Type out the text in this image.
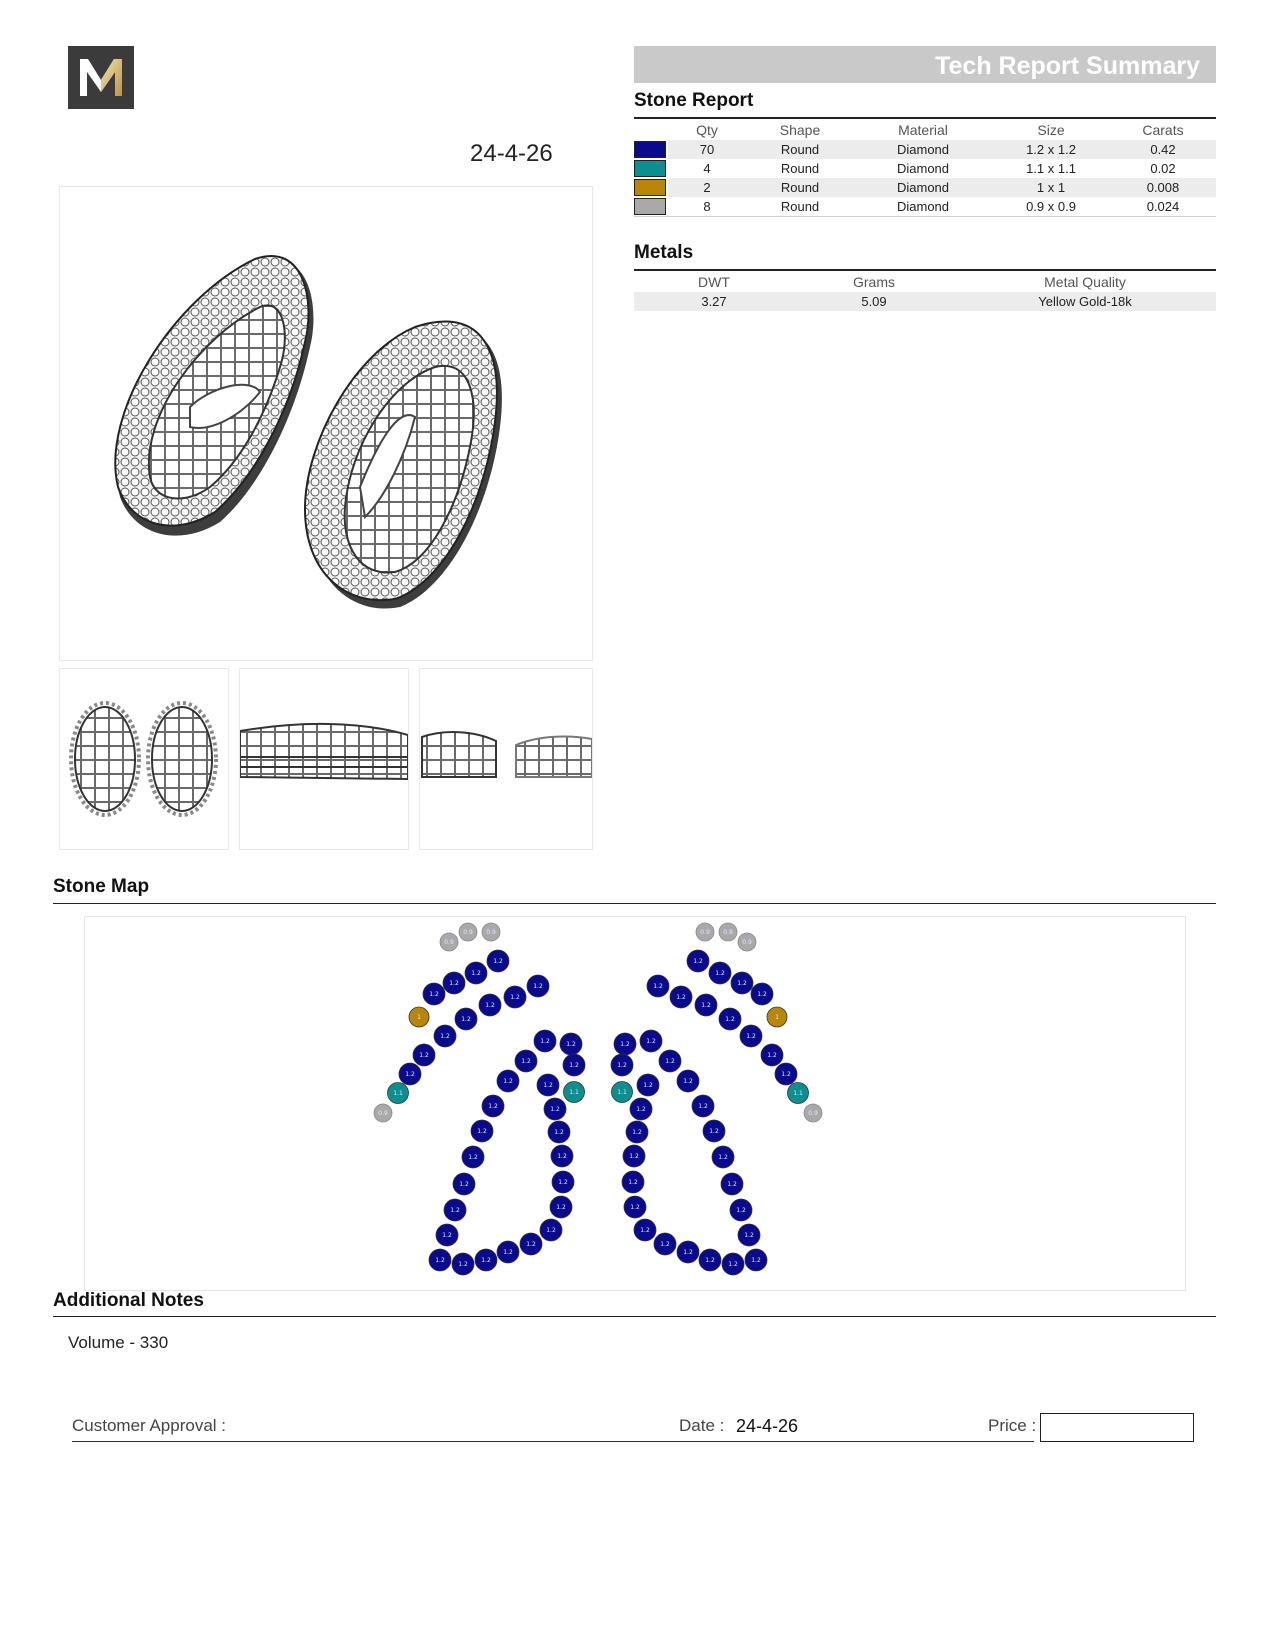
24-4-26
Tech Report Summary
Stone Report
	Qty	Shape	Material	Size	Carats

	70	Round	Diamond	1.2 x 1.2	0.42

	4	Round	Diamond	1.1 x 1.1	0.02

	2	Round	Diamond	1 x 1	0.008

	8	Round	Diamond	0.9 x 0.9	0.024
Metals
DWT	Grams	Metal Quality
3.27	5.09	Yellow Gold-18k
Stone Map
0.9
0.9 0.9
1.2
1.2
1.2
1.2
1.2
1.2
1.2
1.2
1
1.2
1.2
1.2
1.1
0.9
1.2	1.2
1.2
1.2
1.2
1.2
1.1
1.2	1.2
1.2	1.2
1.2	1.2
1.2	1.2
1.2	1.2
1.2
1.2
1.2
1.2
1.2
1.2
1.2
0.9
0.9
0.9
1.2
1.2
1.2
1.2
1.2
1.2
1.2
1.2	1
1.2
1.2
1.2
1.1
0.9
1.2
1.2
1.2
1.2
1.2
1.2
1.1
1.2
1.2
1.2
1.2
1.2
1.2
1.2
1.2
1.2
1.2
1.2
1.2
1.2
1.2
1.2
1.2
1.2
Additional Notes
Volume - 330
Customer Approval :	Date : 24-4-26	Price :
